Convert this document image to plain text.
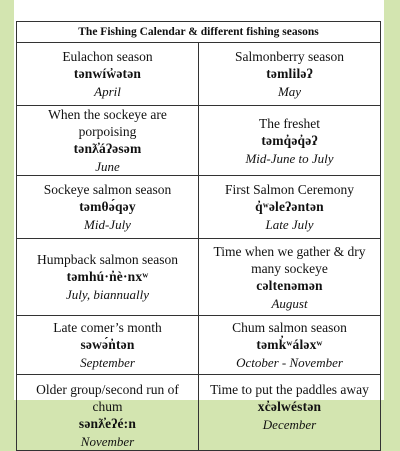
The Fishing Calendar & different fishing seasons	

Eulachon season
tənwíw̓ətən
April	Salmonberry season
təmliləʔ
May

When the sockeye are porpoising
tənƛ̓áʔəsəm
June	The freshet
təmq̓əq̓əʔ
Mid-June to July

Sockeye salmon season
təmθə́qəy
Mid-July	First Salmon Ceremony
q̓ʷəleʔəntən
Late July

Humpback salmon season
təmhú·n̓è·nxʷ
July, biannually	Time when we gather & dry many sockeye
cəltenəmən
August

Late comer’s month
səwə́n̓tən
September	Chum salmon season
təmk̓ʷáləxʷ
October - November

Older group/second run of chum
sənƛ̓eʔé:n
November	Time to put the paddles away
xc̓əlwéstən
December
